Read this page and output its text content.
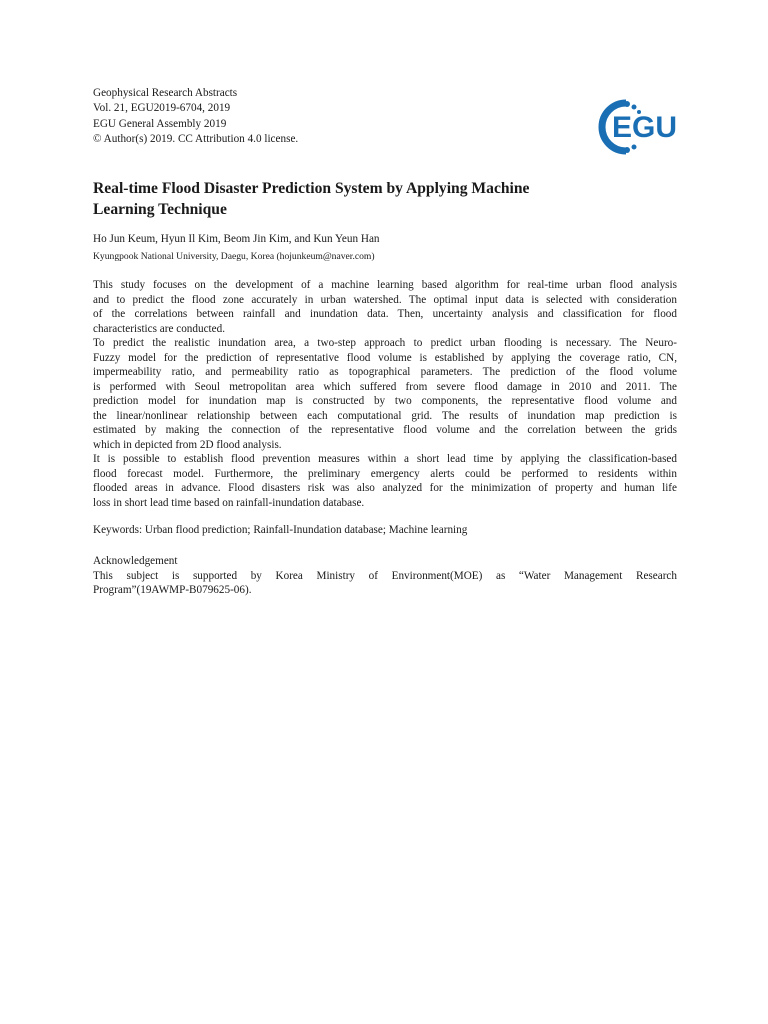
Geophysical Research Abstracts
Vol. 21, EGU2019-6704, 2019
EGU General Assembly 2019
© Author(s) 2019. CC Attribution 4.0 license.	EGU
Real-time Flood Disaster Prediction System by Applying Machine
Learning Technique
Ho Jun Keum, Hyun Il Kim, Beom Jin Kim, and Kun Yeun Han
Kyungpook National University, Daegu, Korea (hojunkeum@naver.com)
This study focuses on the development of a machine learning based algorithm for real-time urban flood analysis
and to predict the flood zone accurately in urban watershed. The optimal input data is selected with consideration
of the correlations between rainfall and inundation data. Then, uncertainty analysis and classification for flood
characteristics are conducted.
To predict the realistic inundation area, a two-step approach to predict urban flooding is necessary. The Neuro-
Fuzzy model for the prediction of representative flood volume is established by applying the coverage ratio, CN,
impermeability ratio, and permeability ratio as topographical parameters. The prediction of the flood volume
is performed with Seoul metropolitan area which suffered from severe flood damage in 2010 and 2011. The
prediction model for inundation map is constructed by two components, the representative flood volume and
the linear/nonlinear relationship between each computational grid. The results of inundation map prediction is
estimated by making the connection of the representative flood volume and the correlation between the grids
which in depicted from 2D flood analysis.
It is possible to establish flood prevention measures within a short lead time by applying the classification-based
flood forecast model. Furthermore, the preliminary emergency alerts could be performed to residents within
flooded areas in advance. Flood disasters risk was also analyzed for the minimization of property and human life
loss in short lead time based on rainfall-inundation database.
Keywords: Urban flood prediction; Rainfall-Inundation database; Machine learning
Acknowledgement
This subject is supported by Korea Ministry of Environment(MOE) as “Water Management Research
Program”(19AWMP-B079625-06).
